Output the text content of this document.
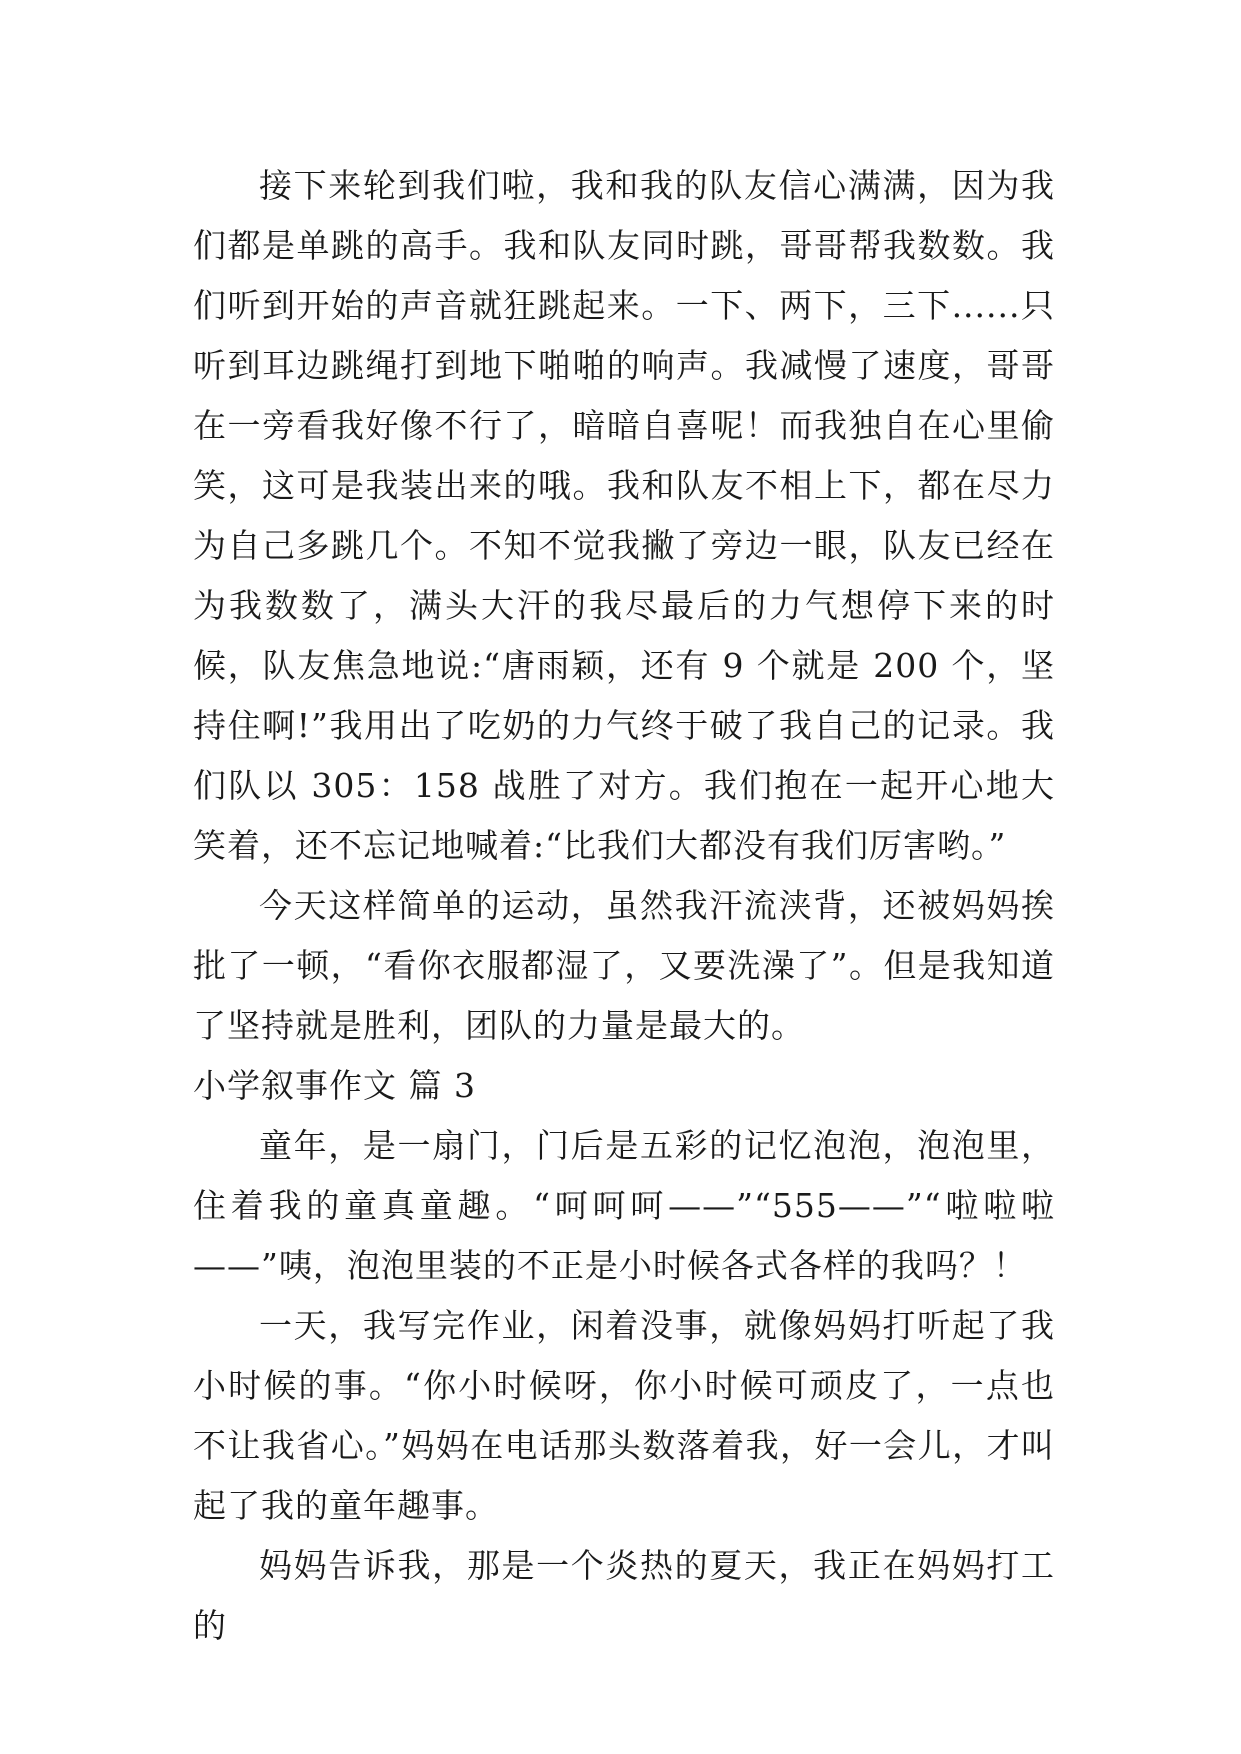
接下来轮到我们啦，我和我的队友信心满满，因为我们都是单跳的高手。我和队友同时跳，哥哥帮我数数。我们听到开始的声音就狂跳起来。一下、两下，三下......只听到耳边跳绳打到地下啪啪的响声。我减慢了速度，哥哥在一旁看我好像不行了，暗暗自喜呢！而我独自在心里偷笑，这可是我装出来的哦。我和队友不相上下，都在尽力为自己多跳几个。不知不觉我撇了旁边一眼，队友已经在为我数数了，满头大汗的我尽最后的力气想停下来的时候，队友焦急地说:“唐雨颖，还有 9 个就是 200 个，坚持住啊!”我用出了吃奶的力气终于破了我自己的记录。我们队以 305：158 战胜了对方。我们抱在一起开心地大笑着，还不忘记地喊着:“比我们大都没有我们厉害哟。”

今天这样简单的运动，虽然我汗流浃背，还被妈妈挨批了一顿，“看你衣服都湿了，又要洗澡了”。但是我知道了坚持就是胜利，团队的力量是最大的。

小学叙事作文 篇 3

童年，是一扇门，门后是五彩的记忆泡泡，泡泡里，住着我的童真童趣。“呵呵呵——”“555——”“啦啦啦——”咦，泡泡里装的不正是小时候各式各样的我吗？！

一天，我写完作业，闲着没事，就像妈妈打听起了我小时候的事。“你小时候呀，你小时候可顽皮了，一点也不让我省心。”妈妈在电话那头数落着我，好一会儿，才叫起了我的童年趣事。

妈妈告诉我，那是一个炎热的夏天，我正在妈妈打工的
